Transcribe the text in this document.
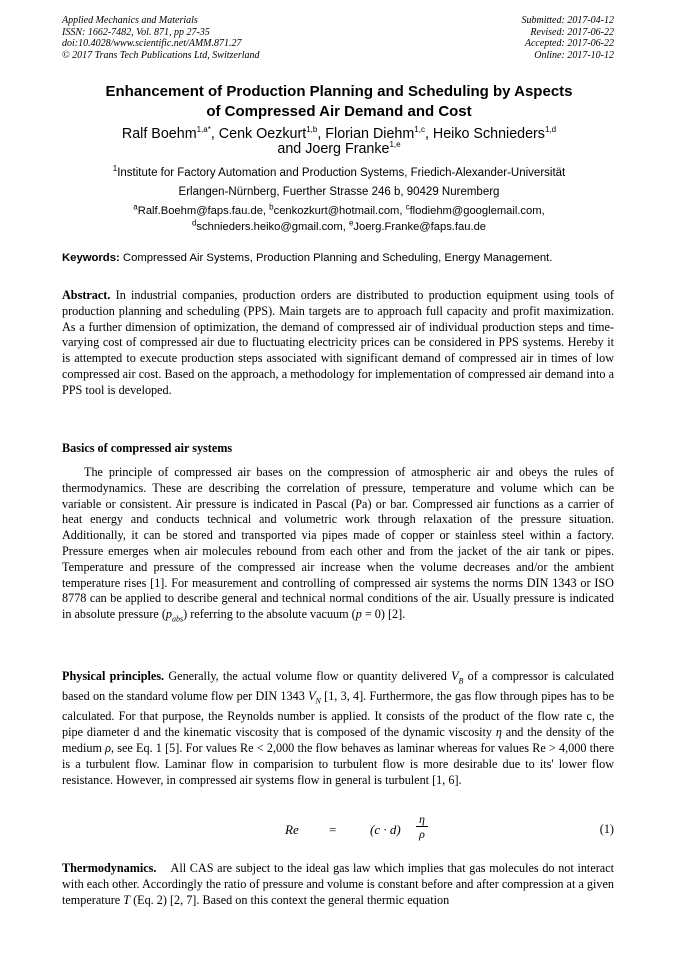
Applied Mechanics and Materials
ISSN: 1662-7482, Vol. 871, pp 27-35
doi:10.4028/www.scientific.net/AMM.871.27
© 2017 Trans Tech Publications Ltd, Switzerland
Submitted: 2017-04-12
Revised: 2017-06-22
Accepted: 2017-06-22
Online: 2017-10-12
Enhancement of Production Planning and Scheduling by Aspects
of Compressed Air Demand and Cost
Ralf Boehm$^{1,a*}$, Cenk Oezkurt$^{1,b}$, Florian Diehm$^{1,c}$, Heiko Schnieders$^{1,d}$
and Joerg Franke$^{1,e}$
$^1$Institute for Factory Automation and Production Systems, Friedich-Alexander-Universität
Erlangen-Nürnberg, Fuerther Strasse 246 b, 90429 Nuremberg
$^a$Ralf.Boehm@faps.fau.de, $^b$cenkozkurt@hotmail.com, $^c$flodiehm@googlemail.com,
$^d$schnieders.heiko@gmail.com, $^e$Joerg.Franke@faps.fau.de
Keywords: Compressed Air Systems, Production Planning and Scheduling, Energy Management.
Abstract. In industrial companies, production orders are distributed to production equipment using tools of production planning and scheduling (PPS). Main targets are to approach full capacity and profit maximization. As a further dimension of optimization, the demand of compressed air of individual production steps and time-varying cost of compressed air due to fluctuating electricity prices can be considered in PPS systems. Hereby it is attempted to execute production steps associated with significant demand of compressed air in times of low compressed air cost. Based on the approach, a methodology for implementation of compressed air demand into a PPS tool is developed.
Basics of compressed air systems
The principle of compressed air bases on the compression of atmospheric air and obeys the rules of thermodynamics. These are describing the correlation of pressure, temperature and volume which can be variable or consistent. Air pressure is indicated in Pascal (Pa) or bar. Compressed air functions as a carrier of heat energy and conducts technical and volumetric work through relaxation of the pressure situation. Additionally, it can be stored and transported via pipes made of copper or stainless steel within a factory. Pressure emerges when air molecules rebound from each other and from the jacket of the air tank or pipes. Temperature and pressure of the compressed air increase when the volume decreases and/or the ambient temperature rises [1]. For measurement and controlling of compressed air systems the norms DIN 1343 or ISO 8778 can be applied to describe general and technical normal conditions of the air. Usually pressure is indicated in absolute pressure $(p_{abs})$ referring to the absolute vacuum (p = 0) [2].
Physical principles. Generally, the actual volume flow or quantity delivered $V_B$ of a compressor is calculated based on the standard volume flow per DIN 1343 $V_N$ [1, 3, 4]. Furthermore, the gas flow through pipes has to be calculated. For that purpose, the Reynolds number is applied. It consists of the product of the flow rate c, the pipe diameter d and the kinematic viscosity that is composed of the dynamic viscosity η and the density of the medium ρ, see Eq. 1 [5]. For values Re < 2,000 the flow behaves as laminar whereas for values Re > 4,000 there is a turbulent flow. Laminar flow in comparision to turbulent flow is more desirable due to its' lower flow resistance. However, in compressed air systems flow in general is turbulent [1, 6].
Re =	(c · d)
η
ρ	(1)
Thermodynamics. All CAS are subject to the ideal gas law which implies that gas molecules do not interact with each other. Accordingly the ratio of pressure and volume is constant before and after compression at a given temperature T (Eq. 2) [2, 7]. Based on this context the general thermic equation
